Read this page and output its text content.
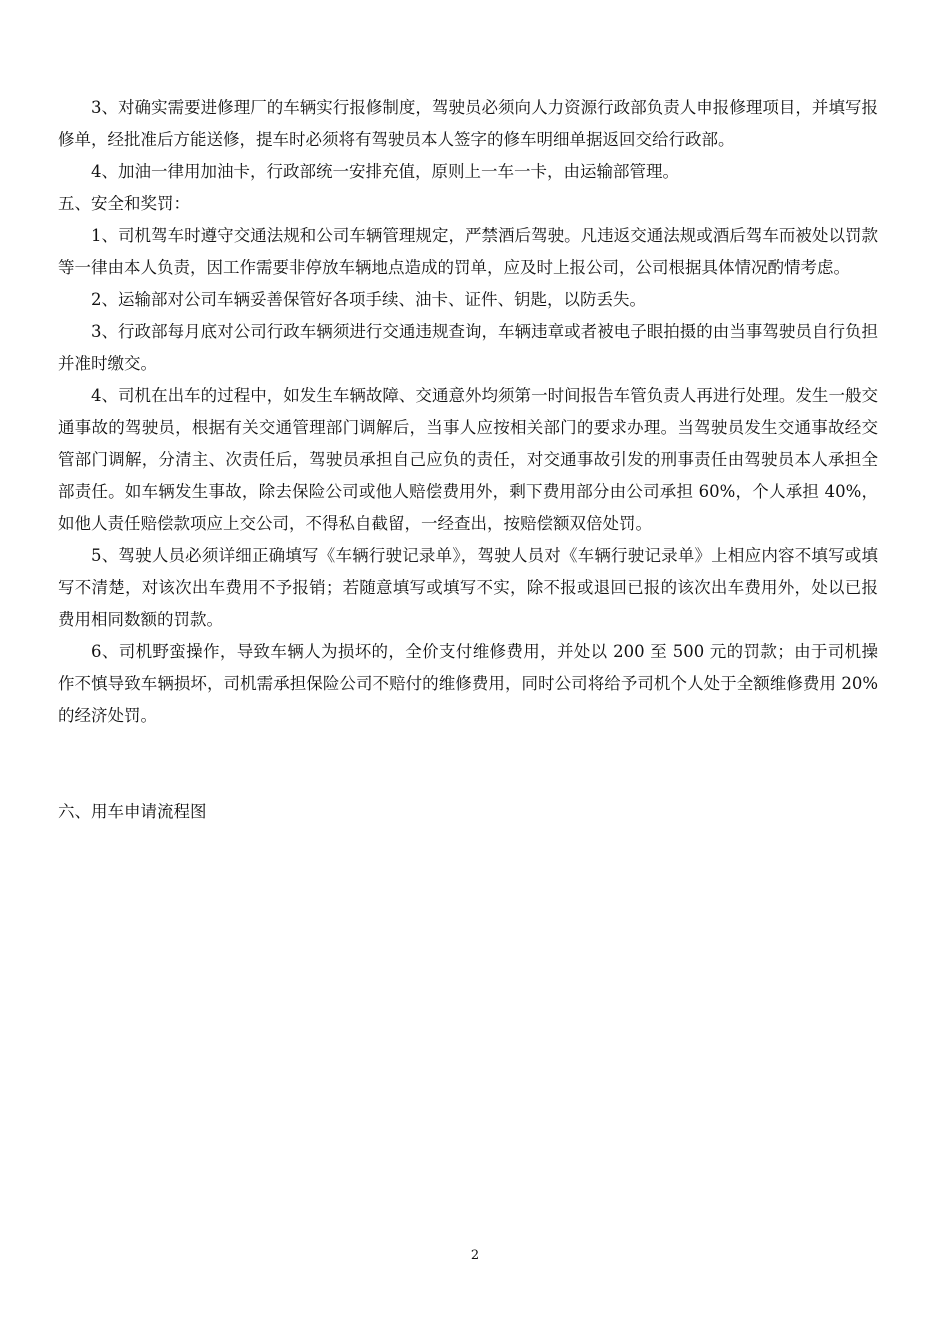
3、对确实需要进修理厂的车辆实行报修制度，驾驶员必须向人力资源行政部负责人申报修理项目，并填写报修单，经批准后方能送修，提车时必须将有驾驶员本人签字的修车明细单据返回交给行政部。

4、加油一律用加油卡，行政部统一安排充值，原则上一车一卡，由运输部管理。

五、安全和奖罚：

1、司机驾车时遵守交通法规和公司车辆管理规定，严禁酒后驾驶。凡违返交通法规或酒后驾车而被处以罚款等一律由本人负责，因工作需要非停放车辆地点造成的罚单，应及时上报公司，公司根据具体情况酌情考虑。

2、运输部对公司车辆妥善保管好各项手续、油卡、证件、钥匙，以防丢失。

3、行政部每月底对公司行政车辆须进行交通违规查询，车辆违章或者被电子眼拍摄的由当事驾驶员自行负担并准时缴交。

4、司机在出车的过程中，如发生车辆故障、交通意外均须第一时间报告车管负责人再进行处理。发生一般交通事故的驾驶员，根据有关交通管理部门调解后，当事人应按相关部门的要求办理。当驾驶员发生交通事故经交管部门调解，分清主、次责任后，驾驶员承担自己应负的责任，对交通事故引发的刑事责任由驾驶员本人承担全部责任。如车辆发生事故，除去保险公司或他人赔偿费用外，剩下费用部分由公司承担 60%，个人承担 40%，如他人责任赔偿款项应上交公司，不得私自截留，一经查出，按赔偿额双倍处罚。

5、驾驶人员必须详细正确填写《车辆行驶记录单》，驾驶人员对《车辆行驶记录单》上相应内容不填写或填写不清楚，对该次出车费用不予报销；若随意填写或填写不实，除不报或退回已报的该次出车费用外，处以已报费用相同数额的罚款。

6、司机野蛮操作，导致车辆人为损坏的，全价支付维修费用，并处以 200 至 500 元的罚款；由于司机操作不慎导致车辆损坏，司机需承担保险公司不赔付的维修费用，同时公司将给予司机个人处于全额维修费用 20%的经济处罚。

六、用车申请流程图

2
